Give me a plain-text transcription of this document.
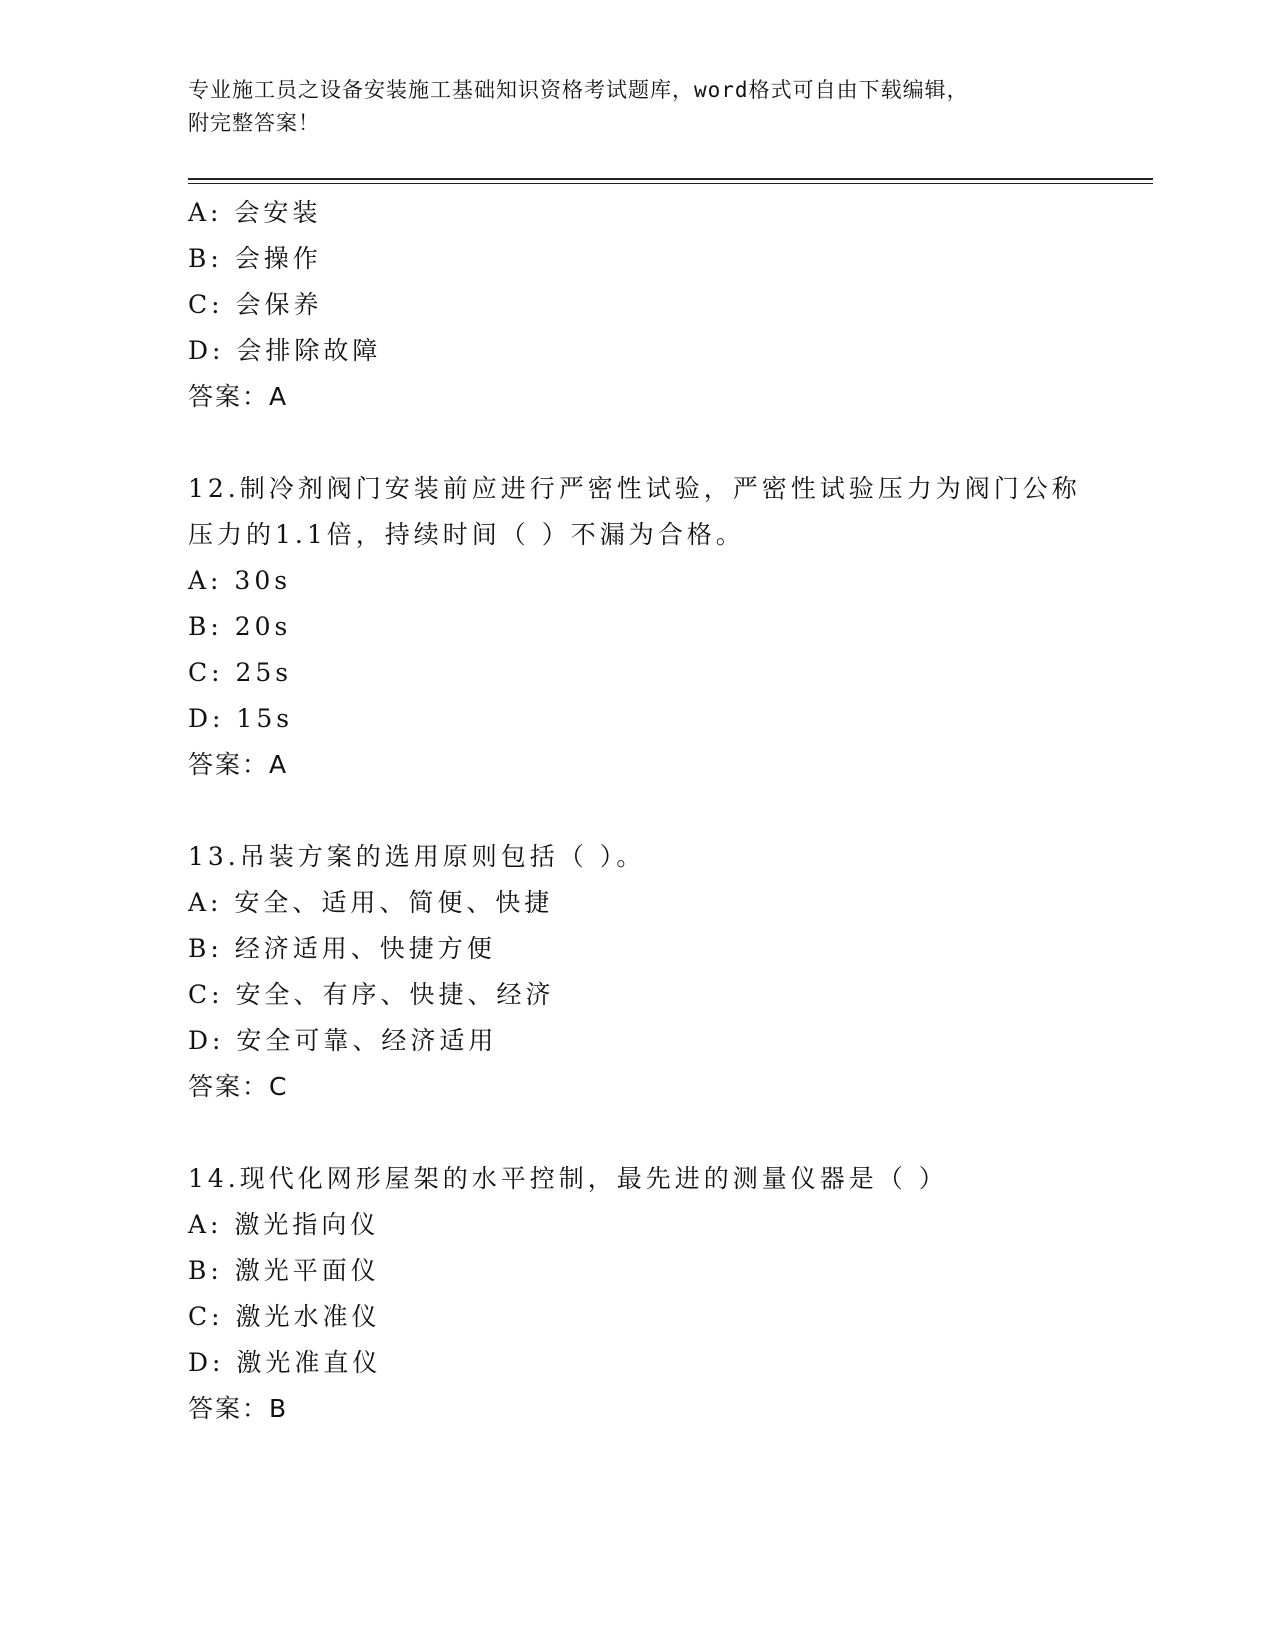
专业施工员之设备安装施工基础知识资格考试题库，word格式可自由下载编辑，
附完整答案！
A: 会安装
B: 会操作
C: 会保养
D: 会排除故障
答案：A
12.制冷剂阀门安装前应进行严密性试验，严密性试验压力为阀门公称
压力的1.1倍，持续时间（ ）不漏为合格。
A: 30s
B: 20s
C: 25s
D: 15s
答案：A
13.吊装方案的选用原则包括（ ）。
A: 安全、适用、简便、快捷
B: 经济适用、快捷方便
C: 安全、有序、快捷、经济
D: 安全可靠、经济适用
答案：C
14.现代化网形屋架的水平控制，最先进的测量仪器是（ ）
A: 激光指向仪
B: 激光平面仪
C: 激光水准仪
D: 激光准直仪
答案：B
